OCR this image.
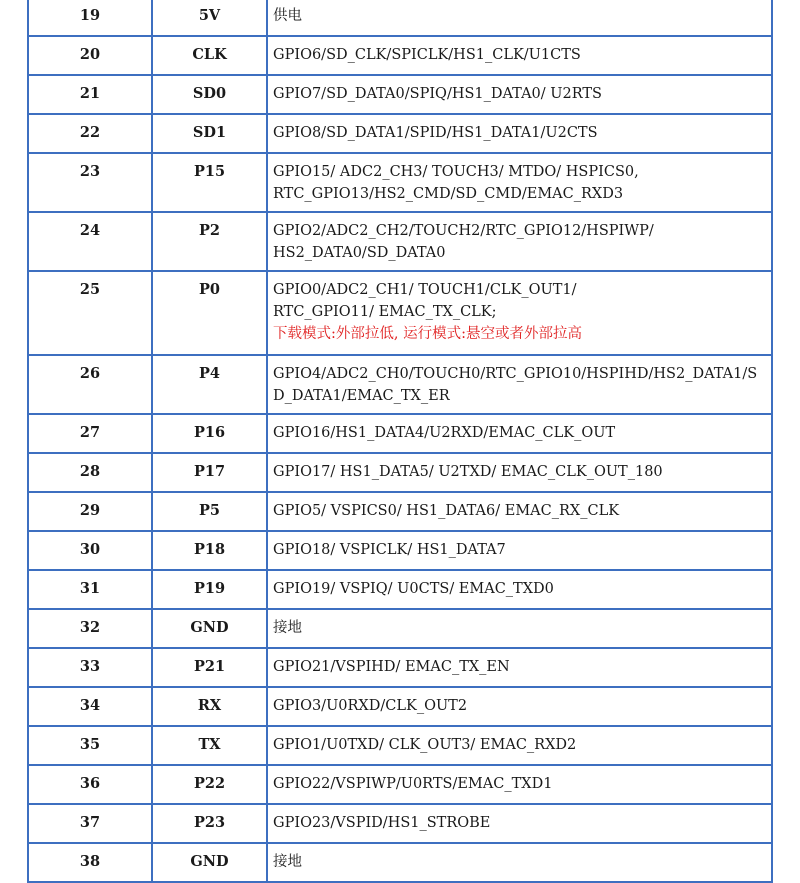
19	5V	供电

20	CLK	GPIO6/SD_CLK/SPICLK/HS1_CLK/U1CTS

21	SD0	GPIO7/SD_DATA0/SPIQ/HS1_DATA0/ U2RTS

22	SD1	GPIO8/SD_DATA1/SPID/HS1_DATA1/U2CTS

23	P15	GPIO15/ ADC2_CH3/ TOUCH3/ MTDO/ HSPICS0,
RTC_GPIO13/HS2_CMD/SD_CMD/EMAC_RXD3

24	P2	GPIO2/ADC2_CH2/TOUCH2/RTC_GPIO12/HSPIWP/
HS2_DATA0/SD_DATA0

25	P0	GPIO0/ADC2_CH1/ TOUCH1/CLK_OUT1/
RTC_GPIO11/ EMAC_TX_CLK;
下载模式:外部拉低, 运行模式:悬空或者外部拉高

26	P4	GPIO4/ADC2_CH0/TOUCH0/RTC_GPIO10/HSPIHD/HS2_DATA1/S
D_DATA1/EMAC_TX_ER

27	P16	GPIO16/HS1_DATA4/U2RXD/EMAC_CLK_OUT

28	P17	GPIO17/ HS1_DATA5/ U2TXD/ EMAC_CLK_OUT_180

29	P5	GPIO5/ VSPICS0/ HS1_DATA6/ EMAC_RX_CLK

30	P18	GPIO18/ VSPICLK/ HS1_DATA7

31	P19	GPIO19/ VSPIQ/ U0CTS/ EMAC_TXD0

32	GND	接地

33	P21	GPIO21/VSPIHD/ EMAC_TX_EN

34	RX	GPIO3/U0RXD/CLK_OUT2

35	TX	GPIO1/U0TXD/ CLK_OUT3/ EMAC_RXD2

36	P22	GPIO22/VSPIWP/U0RTS/EMAC_TXD1

37	P23	GPIO23/VSPID/HS1_STROBE

38	GND	接地
